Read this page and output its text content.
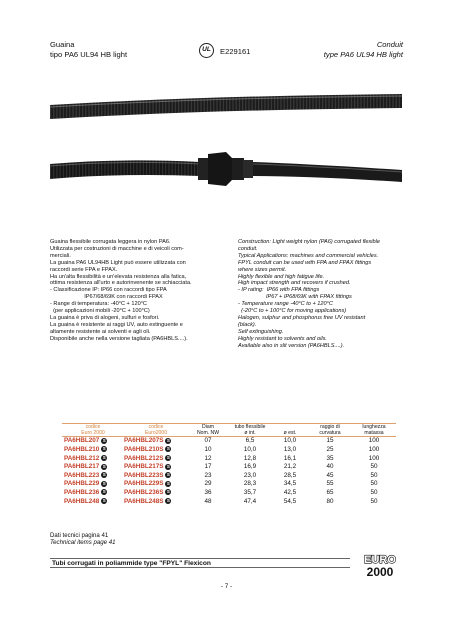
Guaina
tipo PA6 UL94 HB light	UL	E229161
Conduit
type PA6 UL94 HB light

Guaina flessibile corrugata leggera in nylon PA6.

Utilizzata per costruzioni di macchine e di veicoli com-

merciali.

La guaina PA6 UL94HB Light può essere utilizzata con

raccordi serie FPA e FPAX.

Ha un'alta flessibilità e un'elevata resistenza alla fatica,

ottima resistenza all'urto e autorinvenente se schiacciata.

- Classificazione IP: IP66 con raccordi tipo FPA

IP67/68/69K con raccordi FPAX

- Range di temperatura: -40°C + 120°C

(per applicazioni mobili -20°C + 100°C)

La guaina è priva di alogeni, sulfuri e fosfori.

La guaina è resistente ai raggi UV, auto estinguente e

altamente resistente ai solventi e agli oli.

Disponibile anche nella versione tagliata (PA6HBLS....).

Construction: Light weight nylon (PA6) corrugated flexible

conduit.

Typical Applications: machines and commercial vehicles.

FPYL conduit can be used with FPA and FPAX fittings

where sizes permit.

Highly flexible and high fatigue life.

High impact strength and recovers if crushed.

- IP rating:  IP66 with FPA fittings

IP67 + IP68/69K with FPAX fittings

- Temperature range -40°C to + 120°C

(-20°C to + 100°C for moving applications)

Halogen, sulphur and phosphorus free UV resistant

(black).

Self extinguishing.

Highly resistant to solvents and oils.

Available also in slit version (PA6HBLS....).

codice
Euro 2000	codice
Euro2000	Diam
Nom. NW	tubo flessibile
ø int.	ø est.	raggio di
curvatura	lunghezza
matassa
PA6HBL207 S	PA6HBL207S S	07	6,5	10,0	15	100
PA6HBL210 S	PA6HBL210S S	10	10,0	13,0	25	100
PA6HBL212 S	PA6HBL212S S	12	12,8	16,1	35	100
PA6HBL217 S	PA6HBL217S S	17	16,9	21,2	40	50
PA6HBL223 S	PA6HBL223S S	23	23,0	28,5	45	50
PA6HBL229 S	PA6HBL229S S	29	28,3	34,5	55	50
PA6HBL236 S	PA6HBL236S S	36	35,7	42,5	65	50
PA6HBL248 S	PA6HBL248S S	48	47,4	54,5	80	50
Dati tecnici pagina 41
Technical items page 41
Tubi corrugati in poliammide type "FPYL" Flexicon	EURO
2000
- 7 -
